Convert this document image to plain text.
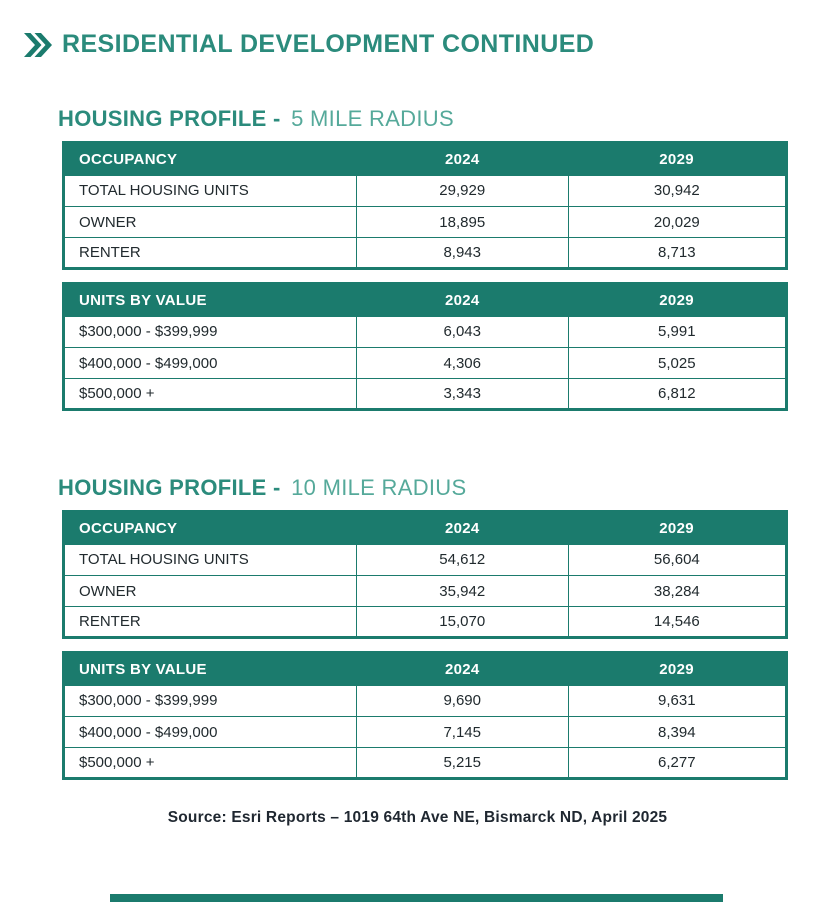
RESIDENTIAL DEVELOPMENT CONTINUED
HOUSING PROFILE - 5 MILE RADIUS
OCCUPANCY	2024	2029
TOTAL HOUSING UNITS	29,929	30,942
OWNER	18,895	20,029
RENTER	8,943	8,713
UNITS BY VALUE	2024	2029
$300,000 - $399,999	6,043	5,991
$400,000 - $499,000	4,306	5,025
$500,000 +	3,343	6,812
HOUSING PROFILE - 10 MILE RADIUS
OCCUPANCY	2024	2029
TOTAL HOUSING UNITS	54,612	56,604
OWNER	35,942	38,284
RENTER	15,070	14,546
UNITS BY VALUE	2024	2029
$300,000 - $399,999	9,690	9,631
$400,000 - $499,000	7,145	8,394
$500,000 +	5,215	6,277

Source: Esri Reports – 1019 64th Ave NE, Bismarck ND, April 2025
